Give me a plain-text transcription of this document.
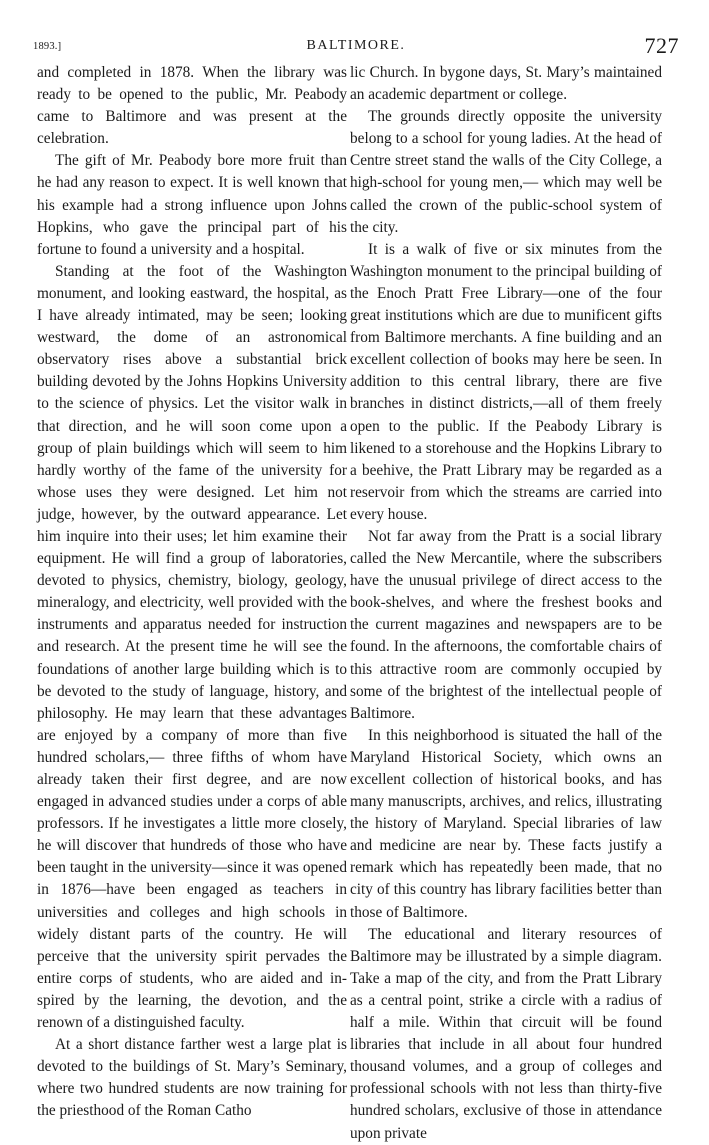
1893.]	BALTIMORE.	727

and completed in 1878. When the library was ready to be opened to the public, Mr. Peabody came to Baltimore and was present at the celebration.

The gift of Mr. Peabody bore more fruit than he had any reason to expect. It is well known that his example had a strong influence upon Johns Hopkins, who gave the principal part of his fortune to found a university and a hospital.

Standing at the foot of the Washington monument, and looking eastward, the hospital, as I have already intimated, may be seen; looking westward, the dome of an astronomical observatory rises above a substantial brick building devoted by the Johns Hopkins University to the science of physics. Let the visitor walk in that direction, and he will soon come upon a group of plain buildings which will seem to him hardly worthy of the fame of the university for whose uses they were designed. Let him not judge, however, by the outward appearance. Let him inquire into their uses; let him examine their equipment. He will find a group of laboratories, devoted to physics, chemistry, biology, geology, mineralogy, and electricity, well provided with the instruments and apparatus needed for instruction and research. At the present time he will see the foundations of another large building which is to be devoted to the study of language, history, and philosophy. He may learn that these advantages are enjoyed by a company of more than five hundred scholars,— three fifths of whom have already taken their first degree, and are now engaged in advanced studies under a corps of able professors. If he investigates a little more closely, he will discover that hundreds of those who have been taught in the university—since it was opened in 1876—have been engaged as teachers in universities and colleges and high schools in widely distant parts of the country. He will perceive that the university spirit pervades the entire corps of students, who are aided and inspired by the learning, the devotion, and the renown of a distinguished faculty.

At a short distance farther west a large plat is devoted to the buildings of St. Mary’s Seminary, where two hundred students are now training for the priesthood of the Roman Catho

lic Church. In bygone days, St. Mary’s maintained an academic department or college.

The grounds directly opposite the university belong to a school for young ladies. At the head of Centre street stand the walls of the City College, a high-school for young men,— which may well be called the crown of the public-school system of the city.

It is a walk of five or six minutes from the Washington monument to the principal building of the Enoch Pratt Free Library—one of the four great institutions which are due to munificent gifts from Baltimore merchants. A fine building and an excellent collection of books may here be seen. In addition to this central library, there are five branches in distinct districts,—all of them freely open to the public. If the Peabody Library is likened to a storehouse and the Hopkins Library to a beehive, the Pratt Library may be regarded as a reservoir from which the streams are carried into every house.

Not far away from the Pratt is a social library called the New Mercantile, where the subscribers have the unusual privilege of direct access to the book-shelves, and where the freshest books and the current magazines and newspapers are to be found. In the afternoons, the comfortable chairs of this attractive room are commonly occupied by some of the brightest of the intellectual people of Baltimore.

In this neighborhood is situated the hall of the Maryland Historical Society, which owns an excellent collection of historical books, and has many manuscripts, archives, and relics, illustrating the history of Maryland. Special libraries of law and medicine are near by. These facts justify a remark which has repeatedly been made, that no city of this country has library facilities better than those of Baltimore.

The educational and literary resources of Baltimore may be illustrated by a simple diagram. Take a map of the city, and from the Pratt Library as a central point, strike a circle with a radius of half a mile. Within that circuit will be found libraries that include in all about four hundred thousand volumes, and a group of colleges and professional schools with not less than thirty-five hundred scholars, exclusive of those in attendance upon private
